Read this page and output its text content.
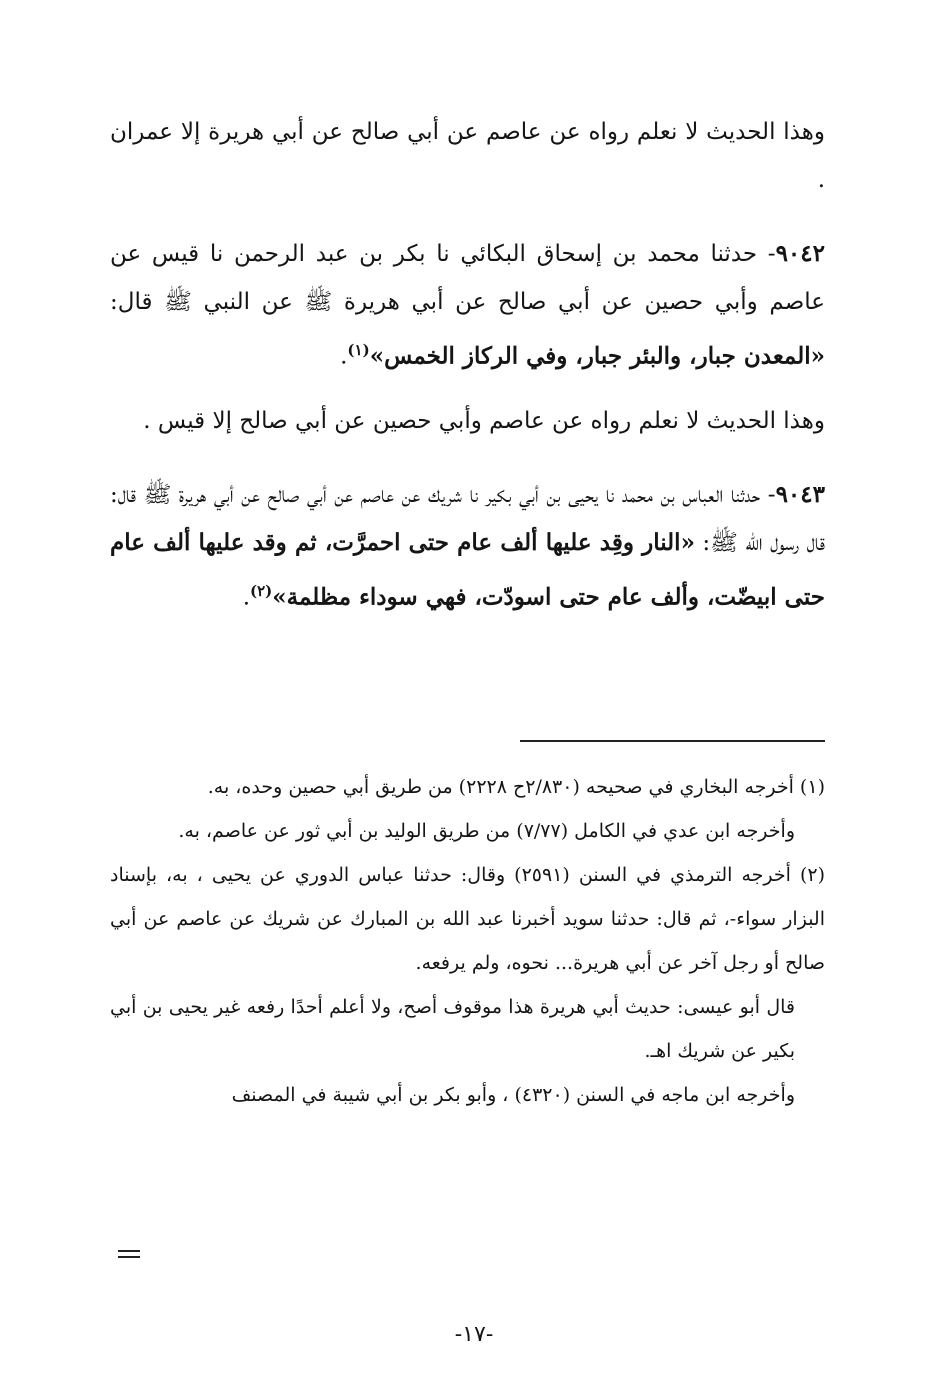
وهذا الحديث لا نعلم رواه عن عاصم عن أبي صالح عن أبي هريرة إلا عمران .

٩٠٤٢- حدثنا محمد بن إسحاق البكائي نا بكر بن عبد الرحمن نا قيس عن عاصم وأبي حصين عن أبي صالح عن أبي هريرة ﷺ عن النبي ﷺ قال: «المعدن جبار، والبئر جبار، وفي الركاز الخمس»$^{(١)}$.

وهذا الحديث لا نعلم رواه عن عاصم وأبي حصين عن أبي صالح إلا قيس .

٩٠٤٣- حدثنا العباس بن محمد نا يحيى بن أبي بكير نا شريك عن عاصم عن أبي صالح عن أبي هريرة ﷺ قال: قال رسول الله ﷺ: «النار وقِد عليها ألف عام حتى احمرَّت، ثم وقد عليها ألف عام حتى ابيضّت، وألف عام حتى اسودّت، فهي سوداء مظلمة»$^{(٢)}$.

(١) أخرجه البخاري في صحيحه (٢/٨٣٠ح ٢٢٢٨) من طريق أبي حصين وحده، به.

وأخرجه ابن عدي في الكامل (٧/٧٧) من طريق الوليد بن أبي ثور عن عاصم، به.

(٢) أخرجه الترمذي في السنن (٢٥٩١) وقال: حدثنا عباس الدوري عن يحيى ، به، بإسناد البزار سواء-، ثم قال: حدثنا سويد أخبرنا عبد الله بن المبارك عن شريك عن عاصم عن أبي صالح أو رجل آخر عن أبي هريرة... نحوه، ولم يرفعه.

قال أبو عيسى: حديث أبي هريرة هذا موقوف أصح، ولا أعلم أحدًا رفعه غير يحيى بن أبي بكير عن شريك اهـ.

وأخرجه ابن ماجه في السنن (٤٣٢٠) ، وأبو بكر بن أبي شيبة في المصنف

-١٧-
